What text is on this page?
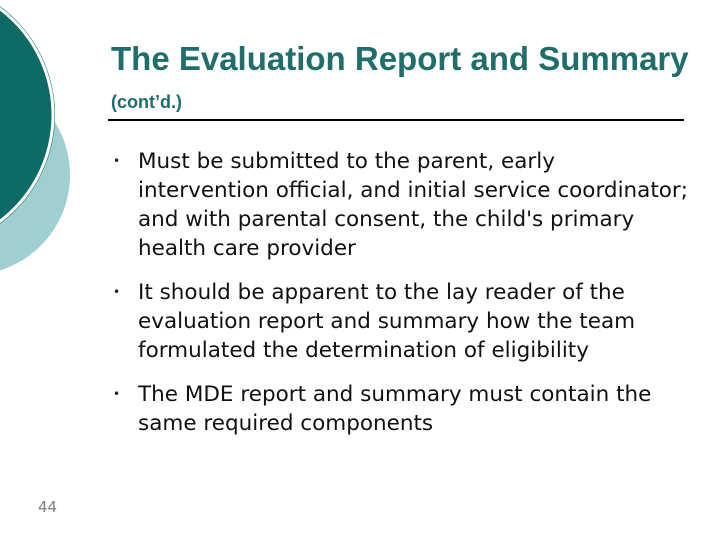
The Evaluation Report and Summary (cont’d.)
• Must be submitted to the parent, early intervention official, and initial service coordinator; and with parental consent, the child's primary health care provider
• It should be apparent to the lay reader of the evaluation report and summary how the team formulated the determination of eligibility
• The MDE report and summary must contain the same required components
44
